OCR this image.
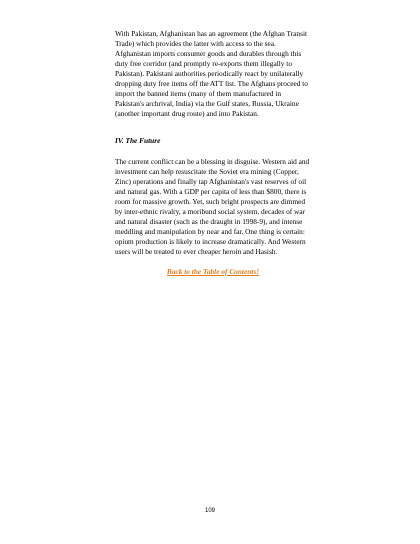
With Pakistan, Afghanistan has an agreement (the Afghan Transit Trade) which provides the latter with access to the sea. Afghanistan imports consumer goods and durables through this duty free corridor (and promptly re-exports them illegally to Pakistan). Pakistani authorities periodically react by unilaterally dropping duty free items off the ATT list. The Afghans proceed to import the banned items (many of them manufactured in Pakistan's archrival, India) via the Gulf states, Russia, Ukraine (another important drug route) and into Pakistan.

IV. The Future

The current conflict can be a blessing in disguise. Western aid and investment can help resuscitate the Soviet era mining (Copper, Zinc) operations and finally tap Afghanistan's vast reserves of oil and natural gas. With a GDP per capita of less than $800, there is room for massive growth. Yet, such bright prospects are dimmed by inter-ethnic rivalry, a moribund social system, decades of war and natural disaster (such as the draught in 1998-9), and intense meddling and manipulation by near and far. One thing is certain: opium production is likely to increase dramatically. And Western users will be treated to ever cheaper heroin and Hasish.

Back to the Table of Contents!

109
